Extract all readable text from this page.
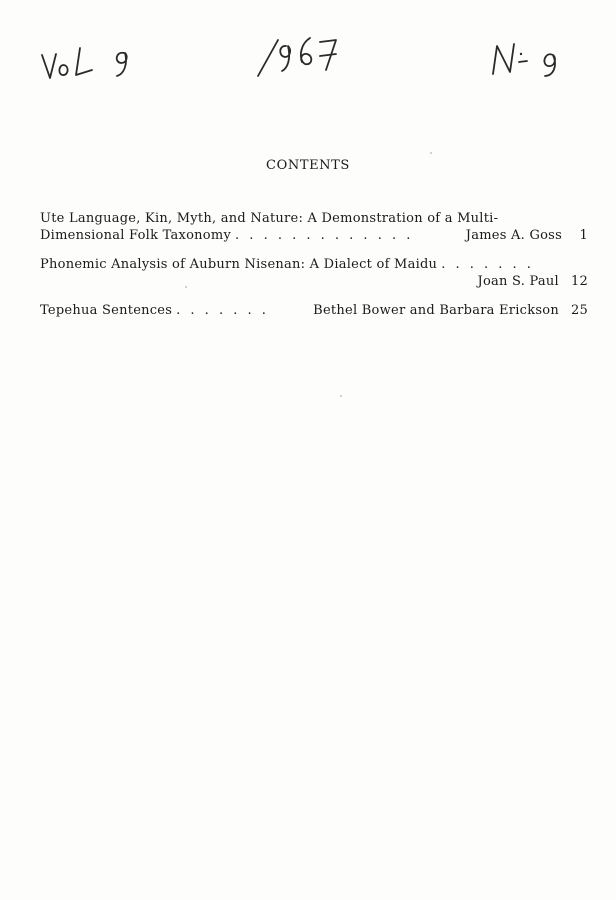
CONTENTS
Ute Language, Kin, Myth, and Nature: A Demonstration of a Multi-
Dimensional Folk Taxonomy . . . . . . . . . . . . .	James A. Goss	1
Phonemic Analysis of Auburn Nisenan: A Dialect of Maidu . . . . . . .
Joan S. Paul 12
Tepehua Sentences . . . . . . .	Bethel Bower and Barbara Erickson 25
